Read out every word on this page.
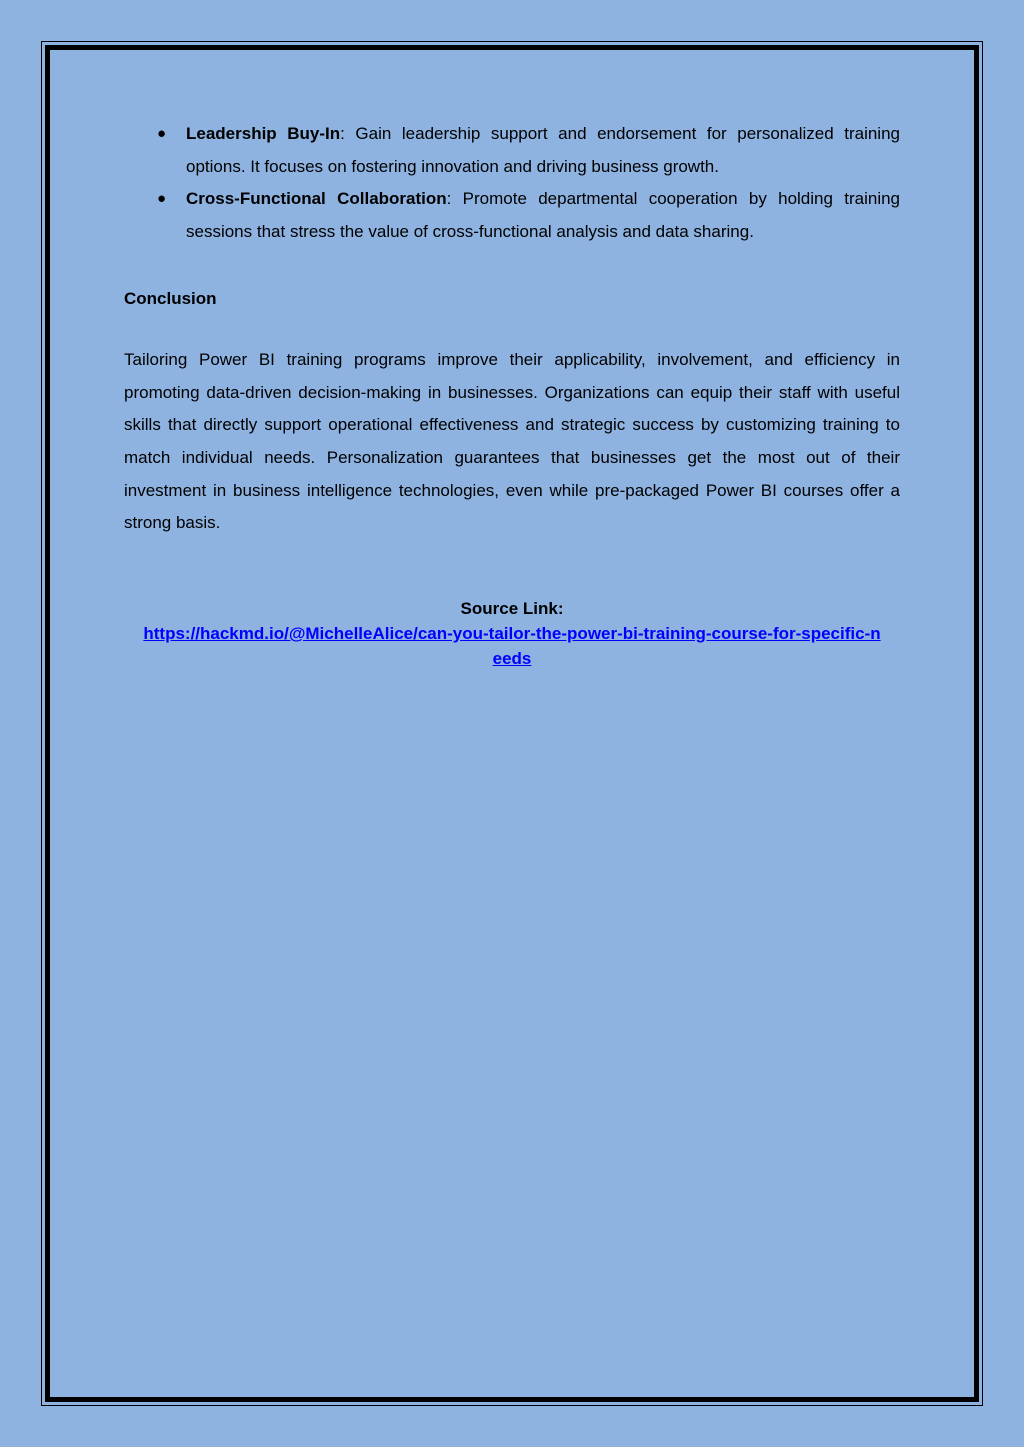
● Leadership Buy-In: Gain leadership support and endorsement for personalized training options. It focuses on fostering innovation and driving business growth.
● Cross-Functional Collaboration: Promote departmental cooperation by holding training sessions that stress the value of cross-functional analysis and data sharing.
Conclusion

Tailoring Power BI training programs improve their applicability, involvement, and efficiency in promoting data-driven decision-making in businesses. Organizations can equip their staff with useful skills that directly support operational effectiveness and strategic success by customizing training to match individual needs. Personalization guarantees that businesses get the most out of their investment in business intelligence technologies, even while pre-packaged Power BI courses offer a strong basis.

Source Link:
https://hackmd.io/@MichelleAlice/can-you-tailor-the-power-bi-training-course-for-specific-needs
